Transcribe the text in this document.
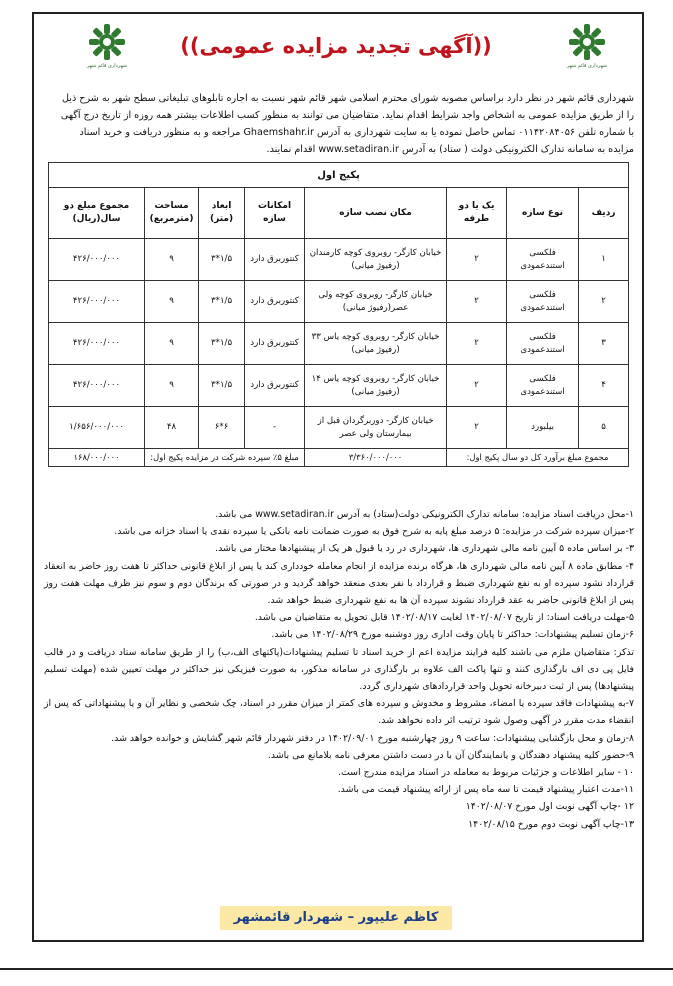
شهرداری قائم شهر	شهرداری قائم شهر
((آگهی تجدید مزایده عمومی))

شهرداری قائم شهر در نظر دارد براساس مصوبه شورای محترم اسلامی شهر قائم شهر نسبت به اجاره تابلوهای تبلیغاتی سطح شهر به شرح ذیل

را از طریق مزایده عمومی به اشخاص واجد شرایط اقدام نماید. متقاضیان می توانند به منظور کسب اطلاعات بیشتر همه روزه از تاریخ درج آگهی

با شماره تلفن ۰۱۱۴۲۰۸۴۰۵۶ تماس حاصل نموده یا به سایت شهرداری به آدرس Ghaemshahr.ir مراجعه و به منظور دریافت و خرید اسناد

مزایده به سامانه تدارک الکترونیکی دولت ( ستاد) به آدرس www.setadiran.ir اقدام نمایند.

پکیج اول							
ردیف	نوع سازه	یک یا دو طرفه	مکان نصب سازه	امکانات سازه	ابعاد (متر)	مساحت (مترمربع)	مجموع مبلغ دو سال(ریال)
۱	فلکسی استندعمودی	۲	خیابان کارگر- روبروی کوچه کارمندان (رفیوژ میانی)	کنتوربرق دارد	۱/۵*۳	۹	۴۲۶/۰۰۰/۰۰۰
۲	فلکسی استندعمودی	۲	خیابان کارگر- روبروی کوچه ولی عصر(رفیوژ میانی)	کنتوربرق دارد	۱/۵*۳	۹	۴۲۶/۰۰۰/۰۰۰
۳	فلکسی استندعمودی	۲	خیابان کارگر- روبروی کوچه یاس ۳۳ (رفیوژ میانی)	کنتوربرق دارد	۱/۵*۳	۹	۴۲۶/۰۰۰/۰۰۰
۴	فلکسی استندعمودی	۲	خیابان کارگر- روبروی کوچه یاس ۱۴ (رفیوژ میانی)	کنتوربرق دارد	۱/۵*۳	۹	۴۲۶/۰۰۰/۰۰۰
۵	بیلبورد	۲	خیابان کارگر- دوربرگردان قبل از بیمارستان ولی عصر	-	۶*۶	۴۸	۱/۶۵۶/۰۰۰/۰۰۰
مجموع مبلغ برآورد کل دو سال پکیج اول:			۳/۳۶۰/۰۰۰/۰۰۰	مبلغ ۵٪ سپرده شرکت در مزایده پکیج اول:			۱۶۸/۰۰۰/۰۰۰

۱-محل دریافت اسناد مزایده: سامانه تدارک الکترونیکی دولت(ستاد) به آدرس www.setadiran.ir می باشد.

۲-میزان سپرده شرکت در مزایده: ۵ درصد مبلغ پایه به شرح فوق به صورت ضمانت نامه بانکی یا سپرده نقدی یا اسناد خزانه می باشد.

۳- بر اساس ماده ۵ آیین نامه مالی شهرداری ها، شهرداری در رد یا قبول هر یک از پیشنهادها مختار می باشد.

۴- مطابق ماده ۸ آیین نامه مالی شهرداری ها، هرگاه برنده مزایده از انجام معامله خودداری کند یا پس از ابلاغ قانونی حداکثر تا هفت روز حاضر به انعقاد قرارداد نشود سپرده او به نفع شهرداری ضبط و قرارداد با نفر بعدی منعقد خواهد گردید و در صورتی که برندگان دوم و سوم نیز ظرف مهلت هفت روز پس از ابلاغ قانونی حاضر به عقد قرارداد نشوند سپرده آن ها به نفع شهرداری ضبط خواهد شد.

۵-مهلت دریافت اسناد: از تاریخ ۱۴۰۲/۰۸/۰۷ لغایت ۱۴۰۲/۰۸/۱۷ قابل تحویل به متقاضیان می باشد.

۶-زمان تسلیم پیشنهادات: حداکثر تا پایان وقت اداری روز دوشنبه مورخ ۱۴۰۲/۰۸/۲۹ می باشد.

تذکر: متقاضیان ملزم می باشند کلیه فرایند مزایده اعم از خرید اسناد تا تسلیم پیشنهادات(پاکتهای الف،ب) را از طریق سامانه ستاد دریافت و در قالب فایل پی دی اف بارگذاری کنند و تنها پاکت الف علاوه بر بارگذاری در سامانه مذکور، به صورت فیزیکی نیز حداکثر در مهلت تعیین شده (مهلت تسلیم پیشنهادها) پس از ثبت دبیرخانه تحویل واحد قراردادهای شهرداری گردد.

۷-به پیشنهادات فاقد سپرده یا امضاء، مشروط و مخدوش و سپرده های کمتر از میزان مقرر در اسناد، چک شخصی و نظایر آن و یا پیشنهاداتی که پس از انقضاء مدت مقرر در آگهی وصول شود ترتیب اثر داده نخواهد شد.

۸-زمان و محل بازگشایی پیشنهادات: ساعت ۹ روز چهارشنبه مورخ ۱۴۰۲/۰۹/۰۱ در دفتر شهردار قائم شهر گشایش و خوانده خواهد شد.

۹-حضور کلیه پیشنهاد دهندگان و یانمایندگان آن با در دست داشتن معرفی نامه بلامانع می باشد.

۱۰ - سایر اطلاعات و جزئیات مربوط به معامله در اسناد مزایده مندرج است.

۱۱-مدت اعتبار پیشنهاد قیمت تا سه ماه پس از ارائه پیشنهاد قیمت می باشد.

۱۲ -چاپ آگهی نوبت اول مورخ ۱۴۰۲/۰۸/۰۷

۱۳-چاپ آگهی نوبت دوم مورخ ۱۴۰۲/۰۸/۱۵

کاظم علیپور – شهردار قائمشهر
